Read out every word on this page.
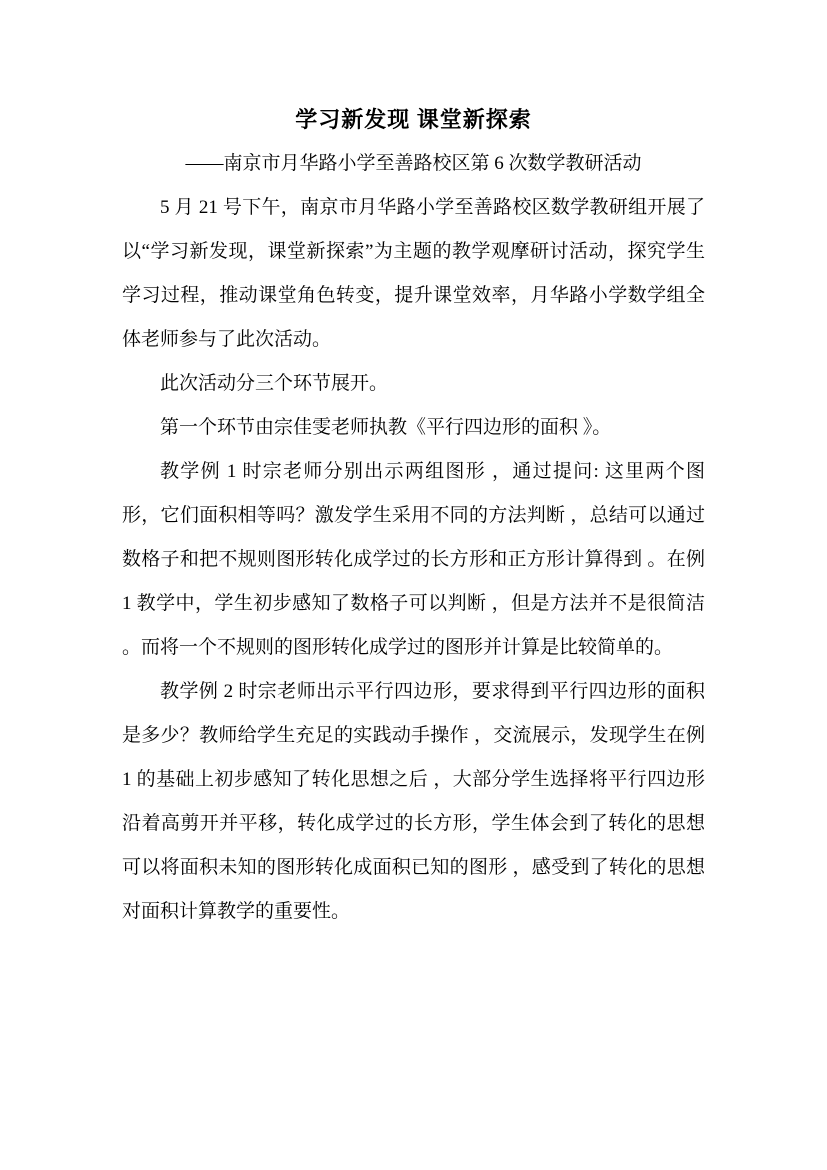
学习新发现 课堂新探索
——南京市月华路小学至善路校区第 6 次数学教研活动

5 月 21 号下午，南京市月华路小学至善路校区数学教研组开展了以“学习新发现，课堂新探索”为主题的教学观摩研讨活动，探究学生学习过程，推动课堂角色转变，提升课堂效率，月华路小学数学组全体老师参与了此次活动。

此次活动分三个环节展开。

第一个环节由宗佳雯老师执教《平行四边形的面积 》。

教学例 1 时宗老师分别出示两组图形 ，通过提问: 这里两个图形，它们面积相等吗？激发学生采用不同的方法判断 ，总结可以通过数格子和把不规则图形转化成学过的长方形和正方形计算得到 。在例 1 教学中，学生初步感知了数格子可以判断 ，但是方法并不是很简洁 。而将一个不规则的图形转化成学过的图形并计算是比较简单的。

教学例 2 时宗老师出示平行四边形，要求得到平行四边形的面积是多少？教师给学生充足的实践动手操作 ，交流展示，发现学生在例 1 的基础上初步感知了转化思想之后 ，大部分学生选择将平行四边形沿着高剪开并平移，转化成学过的长方形，学生体会到了转化的思想可以将面积未知的图形转化成面积已知的图形 ，感受到了转化的思想对面积计算教学的重要性。
